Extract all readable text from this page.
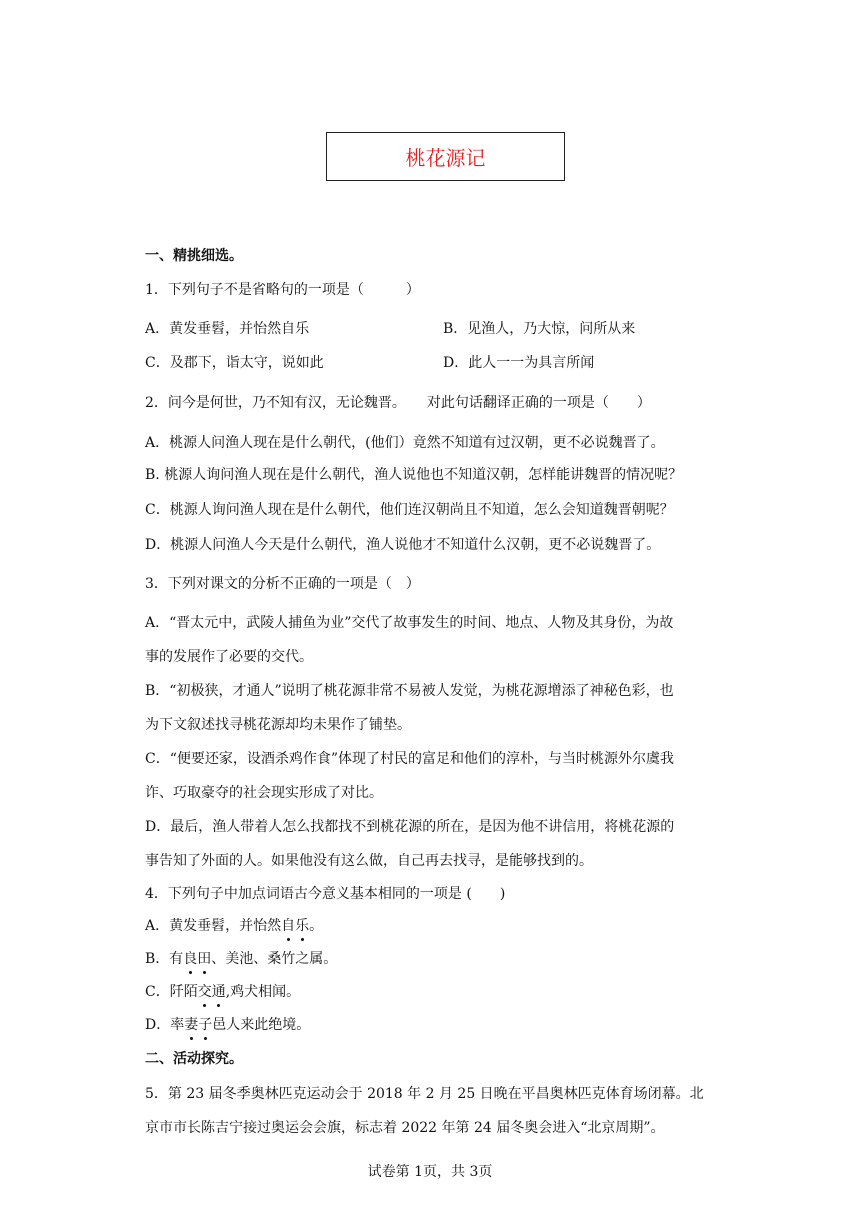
桃花源记
一、精挑细选。
1．下列句子不是省略句的一项是（　　　）
A．黄发垂髫，并怡然自乐	B．见渔人，乃大惊，问所从来
C．及郡下，诣太守，说如此	D．此人一一为具言所闻
2．问今是何世，乃不知有汉，无论魏晋。　　对此句话翻译正确的一项是（　　）
A．桃源人问渔人现在是什么朝代，(他们）竟然不知道有过汉朝，更不必说魏晋了。
B. 桃源人询问渔人现在是什么朝代，渔人说他也不知道汉朝，怎样能讲魏晋的情况呢？
C．桃源人询问渔人现在是什么朝代，他们连汉朝尚且不知道，怎么会知道魏晋朝呢？
D．桃源人问渔人今天是什么朝代，渔人说他才不知道什么汉朝，更不必说魏晋了。
3．下列对课文的分析不正确的一项是（　）
A．“晋太元中，武陵人捕鱼为业”交代了故事发生的时间、地点、人物及其身份，为故
事的发展作了必要的交代。
B．“初极狭，才通人”说明了桃花源非常不易被人发觉，为桃花源增添了神秘色彩，也
为下文叙述找寻桃花源却均未果作了铺垫。
C．“便要还家，设酒杀鸡作食”体现了村民的富足和他们的淳朴，与当时桃源外尔虞我
诈、巧取豪夺的社会现实形成了对比。
D．最后，渔人带着人怎么找都找不到桃花源的所在，是因为他不讲信用，将桃花源的
事告知了外面的人。如果他没有这么做，自己再去找寻，是能够找到的。
4．下列句子中加点词语古今意义基本相同的一项是 (　　)
A．黄发垂髫，并怡然自乐。
B．有良田、美池、桑竹之属。
C．阡陌交通,鸡犬相闻。
D．率妻子邑人来此绝境。
二、活动探究。
5．第 23 届冬季奥林匹克运动会于 2018 年 2 月 25 日晚在平昌奥林匹克体育场闭幕。北
京市市长陈吉宁接过奥运会会旗，标志着 2022 年第 24 届冬奥会进入“北京周期”。
试卷第 1页，共 3页
